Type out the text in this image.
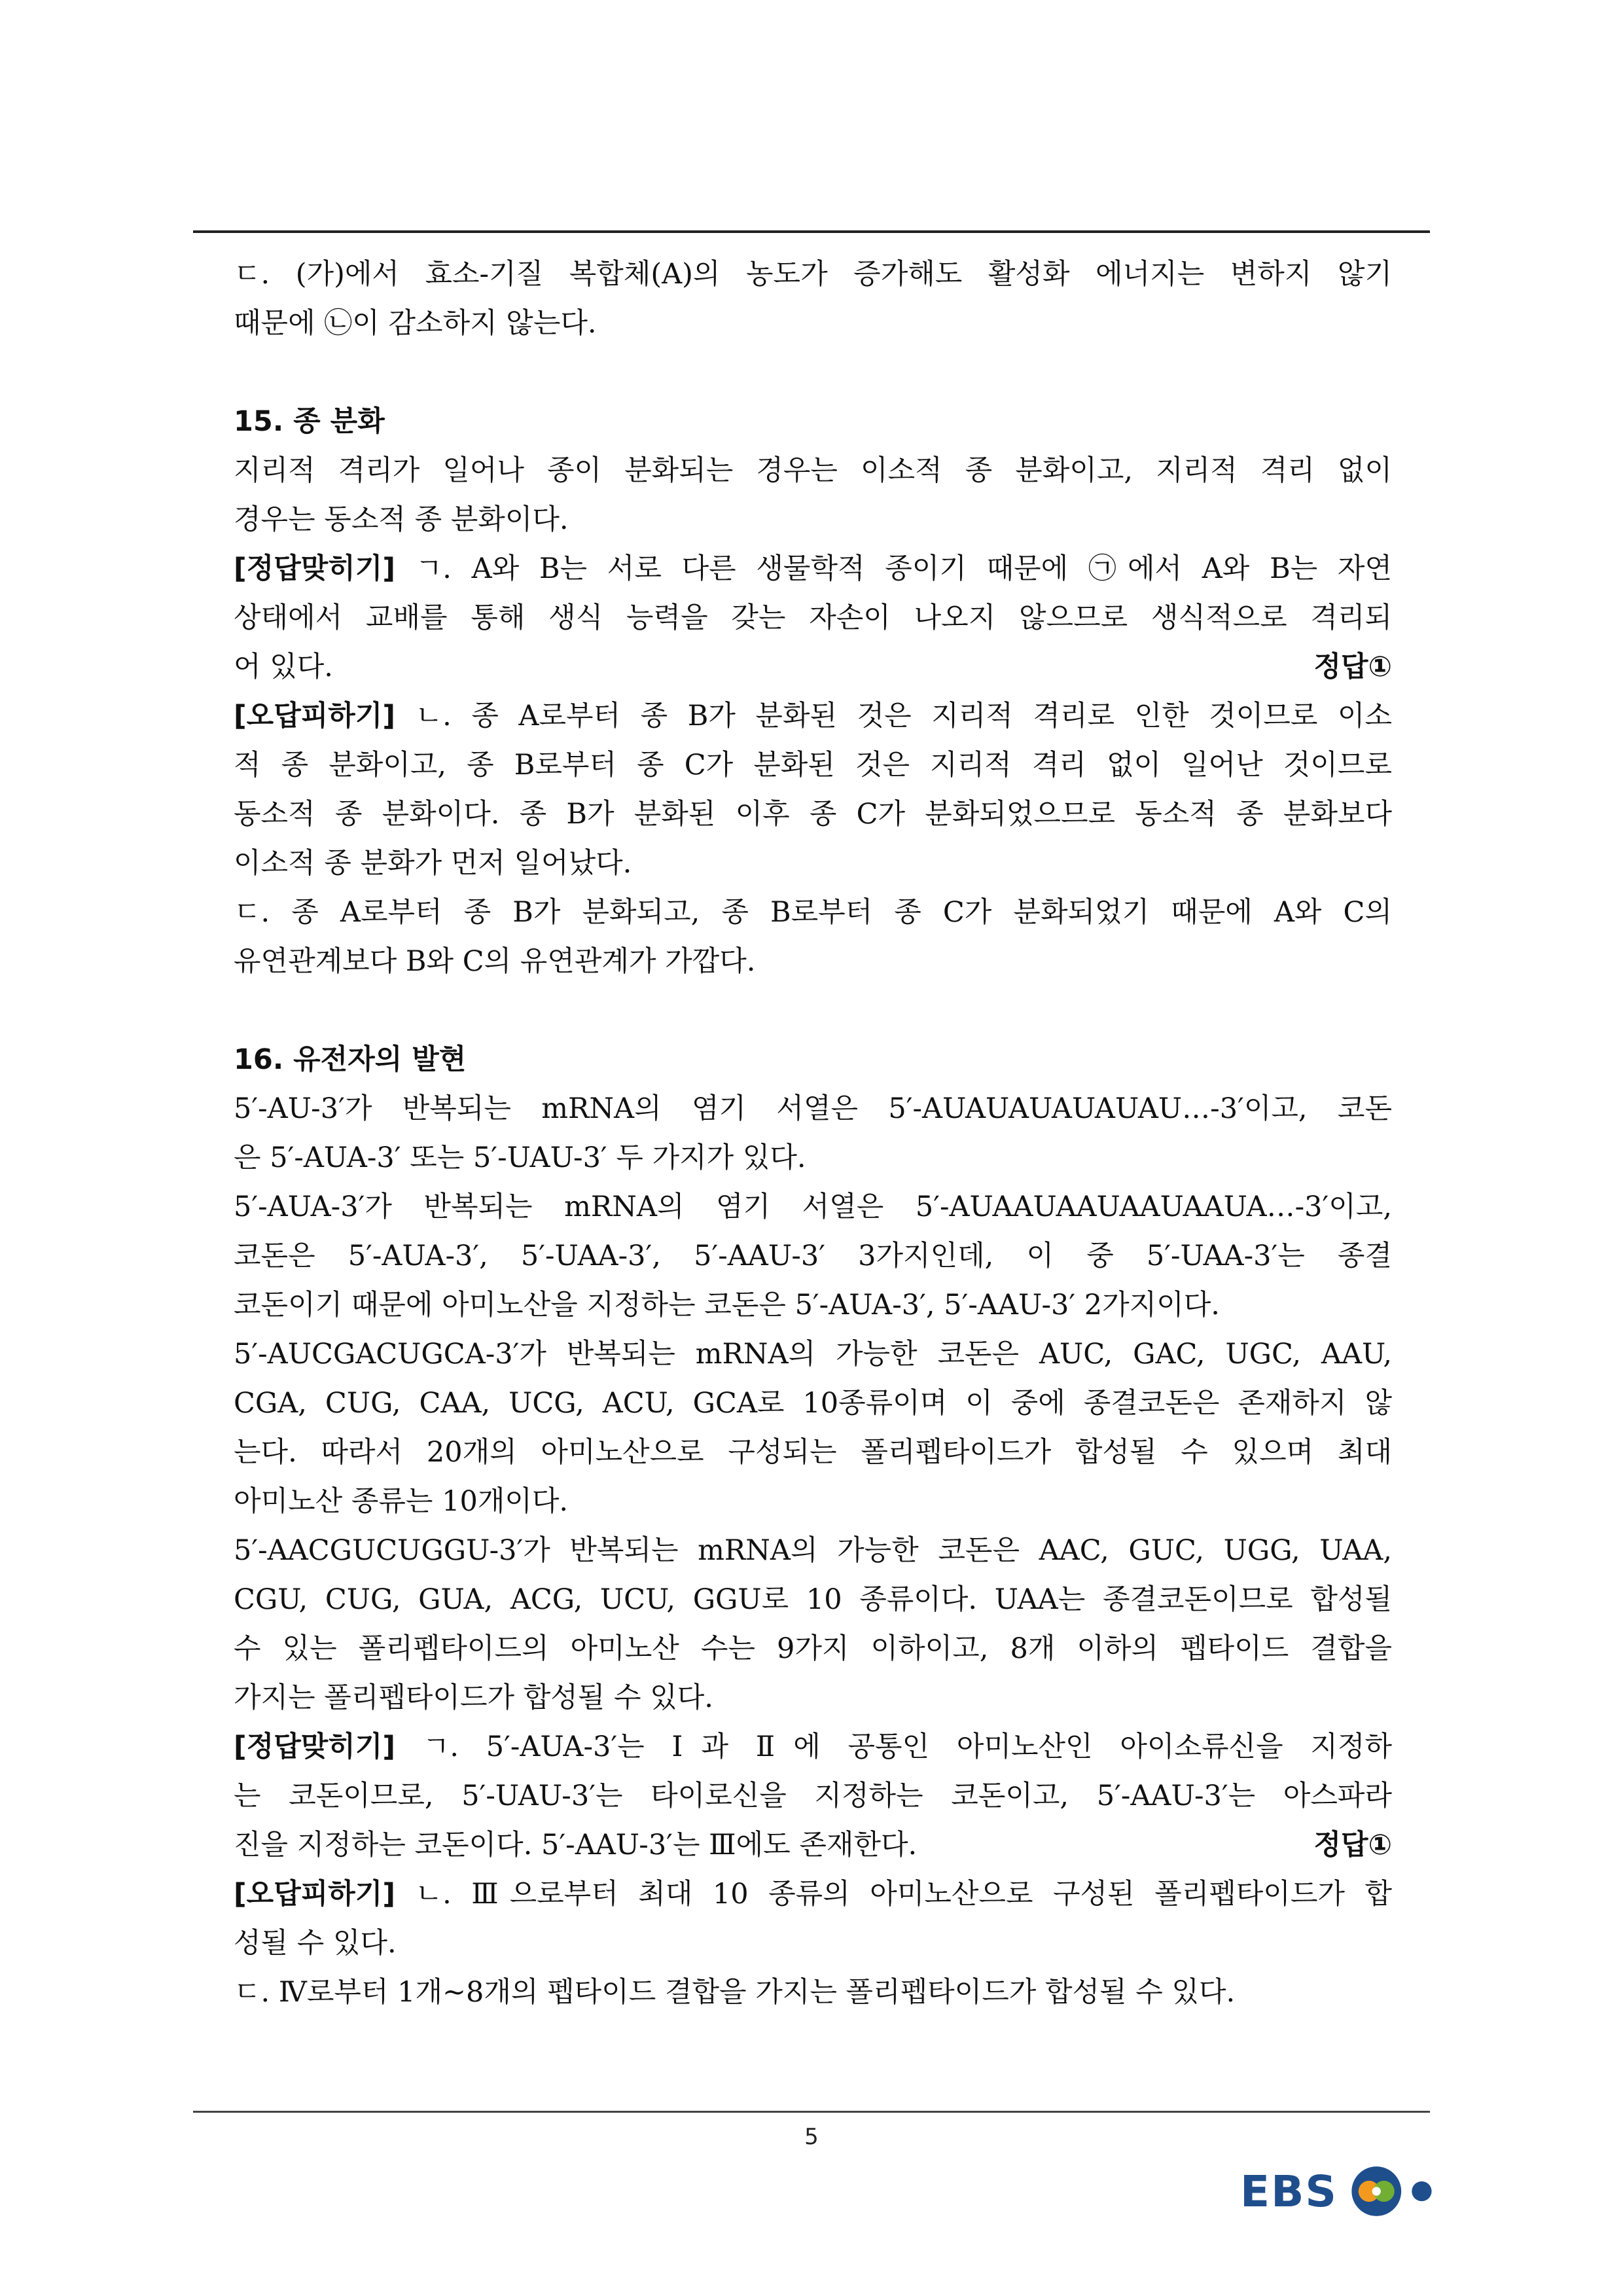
ㄷ. (가)에서 효소-기질 복합체(A)의 농도가 증가해도 활성화 에너지는 변하지 않기
때문에 ㉡이 감소하지 않는다.
15. 종 분화
지리적 격리가 일어나 종이 분화되는 경우는 이소적 종 분화이고, 지리적 격리 없이
경우는 동소적 종 분화이다.
[정답맞히기] ㄱ. A와 B는 서로 다른 생물학적 종이기 때문에 ㉠에서 A와 B는 자연
상태에서 교배를 통해 생식 능력을 갖는 자손이 나오지 않으므로 생식적으로 격리되
어 있다.	정답①
[오답피하기] ㄴ. 종 A로부터 종 B가 분화된 것은 지리적 격리로 인한 것이므로 이소
적 종 분화이고, 종 B로부터 종 C가 분화된 것은 지리적 격리 없이 일어난 것이므로
동소적 종 분화이다. 종 B가 분화된 이후 종 C가 분화되었으므로 동소적 종 분화보다
이소적 종 분화가 먼저 일어났다.
ㄷ. 종 A로부터 종 B가 분화되고, 종 B로부터 종 C가 분화되었기 때문에 A와 C의
유연관계보다 B와 C의 유연관계가 가깝다.
16. 유전자의 발현
5′-AU-3′가 반복되는 mRNA의 염기 서열은 5′-AUAUAUAUAUAU…-3′이고, 코돈
은 5′-AUA-3′ 또는 5′-UAU-3′ 두 가지가 있다.
5′-AUA-3′가 반복되는 mRNA의 염기 서열은 5′-AUAAUAAUAAUAAUA…-3′이고,
코돈은 5′-AUA-3′, 5′-UAA-3′, 5′-AAU-3′ 3가지인데, 이 중 5′-UAA-3′는 종결
코돈이기 때문에 아미노산을 지정하는 코돈은 5′-AUA-3′, 5′-AAU-3′ 2가지이다.
5′-AUCGACUGCA-3′가 반복되는 mRNA의 가능한 코돈은 AUC, GAC, UGC, AAU,
CGA, CUG, CAA, UCG, ACU, GCA로 10종류이며 이 중에 종결코돈은 존재하지 않
는다. 따라서 20개의 아미노산으로 구성되는 폴리펩타이드가 합성될 수 있으며 최대
아미노산 종류는 10개이다.
5′-AACGUCUGGU-3′가 반복되는 mRNA의 가능한 코돈은 AAC, GUC, UGG, UAA,
CGU, CUG, GUA, ACG, UCU, GGU로 10 종류이다. UAA는 종결코돈이므로 합성될
수 있는 폴리펩타이드의 아미노산 수는 9가지 이하이고, 8개 이하의 펩타이드 결합을
가지는 폴리펩타이드가 합성될 수 있다.
[정답맞히기] ㄱ. 5′-AUA-3′는 Ⅰ과 Ⅱ에 공통인 아미노산인 아이소류신을 지정하
는 코돈이므로, 5′-UAU-3′는 타이로신을 지정하는 코돈이고, 5′-AAU-3′는 아스파라
진을 지정하는 코돈이다. 5′-AAU-3′는 Ⅲ에도 존재한다.	정답①
[오답피하기] ㄴ. Ⅲ으로부터 최대 10 종류의 아미노산으로 구성된 폴리펩타이드가 합
성될 수 있다.
ㄷ. Ⅳ로부터 1개~8개의 펩타이드 결합을 가지는 폴리펩타이드가 합성될 수 있다.
5
EBS
